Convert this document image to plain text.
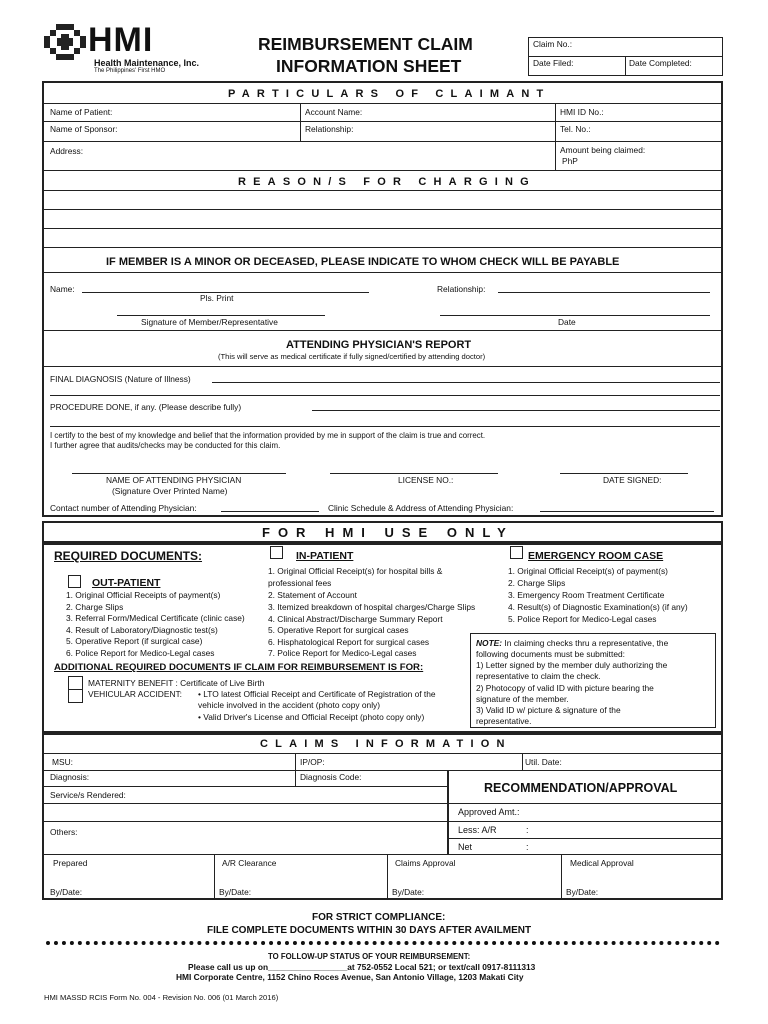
HMI
Health Maintenance, Inc.
The Philippines' First HMO
REIMBURSEMENT CLAIM
INFORMATION SHEET
Claim No.:
Date Filed:	Date Completed:
PARTICULARS OF CLAIMANT
Name of Patient:	Account Name:	HMI ID No.:
Name of Sponsor:	Relationship:	Tel. No.:
Address:	Amount being claimed:
PhP
REASON/S FOR CHARGING
IF MEMBER IS A MINOR OR DECEASED, PLEASE INDICATE TO WHOM CHECK WILL BE PAYABLE
Name:
Pls. Print
Relationship:
Signature of Member/Representative	Date
ATTENDING PHYSICIAN'S REPORT
(This will serve as medical certificate if fully signed/certified by attending doctor)
FINAL DIAGNOSIS (Nature of Illness)
PROCEDURE DONE, if any. (Please describe fully)
I certify to the best of my knowledge and belief that the information provided by me in support of the claim is true and correct.
I further agree that audits/checks may be conducted for this claim.
NAME OF ATTENDING PHYSICIAN
(Signature Over Printed Name)
LICENSE NO.:	DATE SIGNED:
Contact number of Attending Physician:	Clinic Schedule & Address of Attending Physician:
FOR HMI USE ONLY
REQUIRED DOCUMENTS:
OUT-PATIENT
1. Original Official Receipts of payment(s)
2. Charge Slips
3. Referral Form/Medical Certificate (clinic case)
4. Result of Laboratory/Diagnostic test(s)
5. Operative Report (if surgical case)
6. Police Report for Medico-Legal cases
IN-PATIENT
1. Original Official Receipt(s) for hospital bills &
professional fees
2. Statement of Account
3. Itemized breakdown of hospital charges/Charge Slips
4. Clinical Abstract/Discharge Summary Report
5. Operative Report for surgical cases
6. Hisphatological Report for surgical cases
7. Police Report for Medico-Legal cases
EMERGENCY ROOM CASE
1. Original Official Receipt(s) of payment(s)
2. Charge Slips
3. Emergency Room Treatment Certificate
4. Result(s) of Diagnostic Examination(s) (if any)
5. Police Report for Medico-Legal cases
ADDITIONAL REQUIRED DOCUMENTS IF CLAIM FOR REIMBURSEMENT IS FOR:
MATERNITY BENEFIT : Certificate of Live Birth
VEHICULAR ACCIDENT: • LTO latest Official Receipt and Certificate of Registration of the
vehicle involved in the accident (photo copy only)
• Valid Driver's License and Official Receipt (photo copy only)
NOTE: In claiming checks thru a representative, the
following documents must be submitted:
1) Letter signed by the member duly authorizing the
representative to claim the check.
2) Photocopy of valid ID with picture bearing the
signature of the member.
3) Valid ID w/ picture & signature of the
representative.
CLAIMS INFORMATION
MSU:	IP/OP:	Util. Date:
Diagnosis:	Diagnosis Code:
Service/s Rendered:
Others:
RECOMMENDATION/APPROVAL
Approved Amt.:
Less: A/R	:
Net	:
Prepared	A/R Clearance	Claims Approval	Medical Approval
By/Date:	By/Date:	By/Date:	By/Date:
FOR STRICT COMPLIANCE:
FILE COMPLETE DOCUMENTS WITHIN 30 DAYS AFTER AVAILMENT
TO FOLLOW-UP STATUS OF YOUR REIMBURSEMENT:
Please call us up on_________________at 752-0552 Local 521; or text/call 0917-8111313
HMI Corporate Centre, 1152 Chino Roces Avenue, San Antonio Village, 1203 Makati City
HMI MASSD RCIS Form No. 004 - Revision No. 006 (01 March 2016)
